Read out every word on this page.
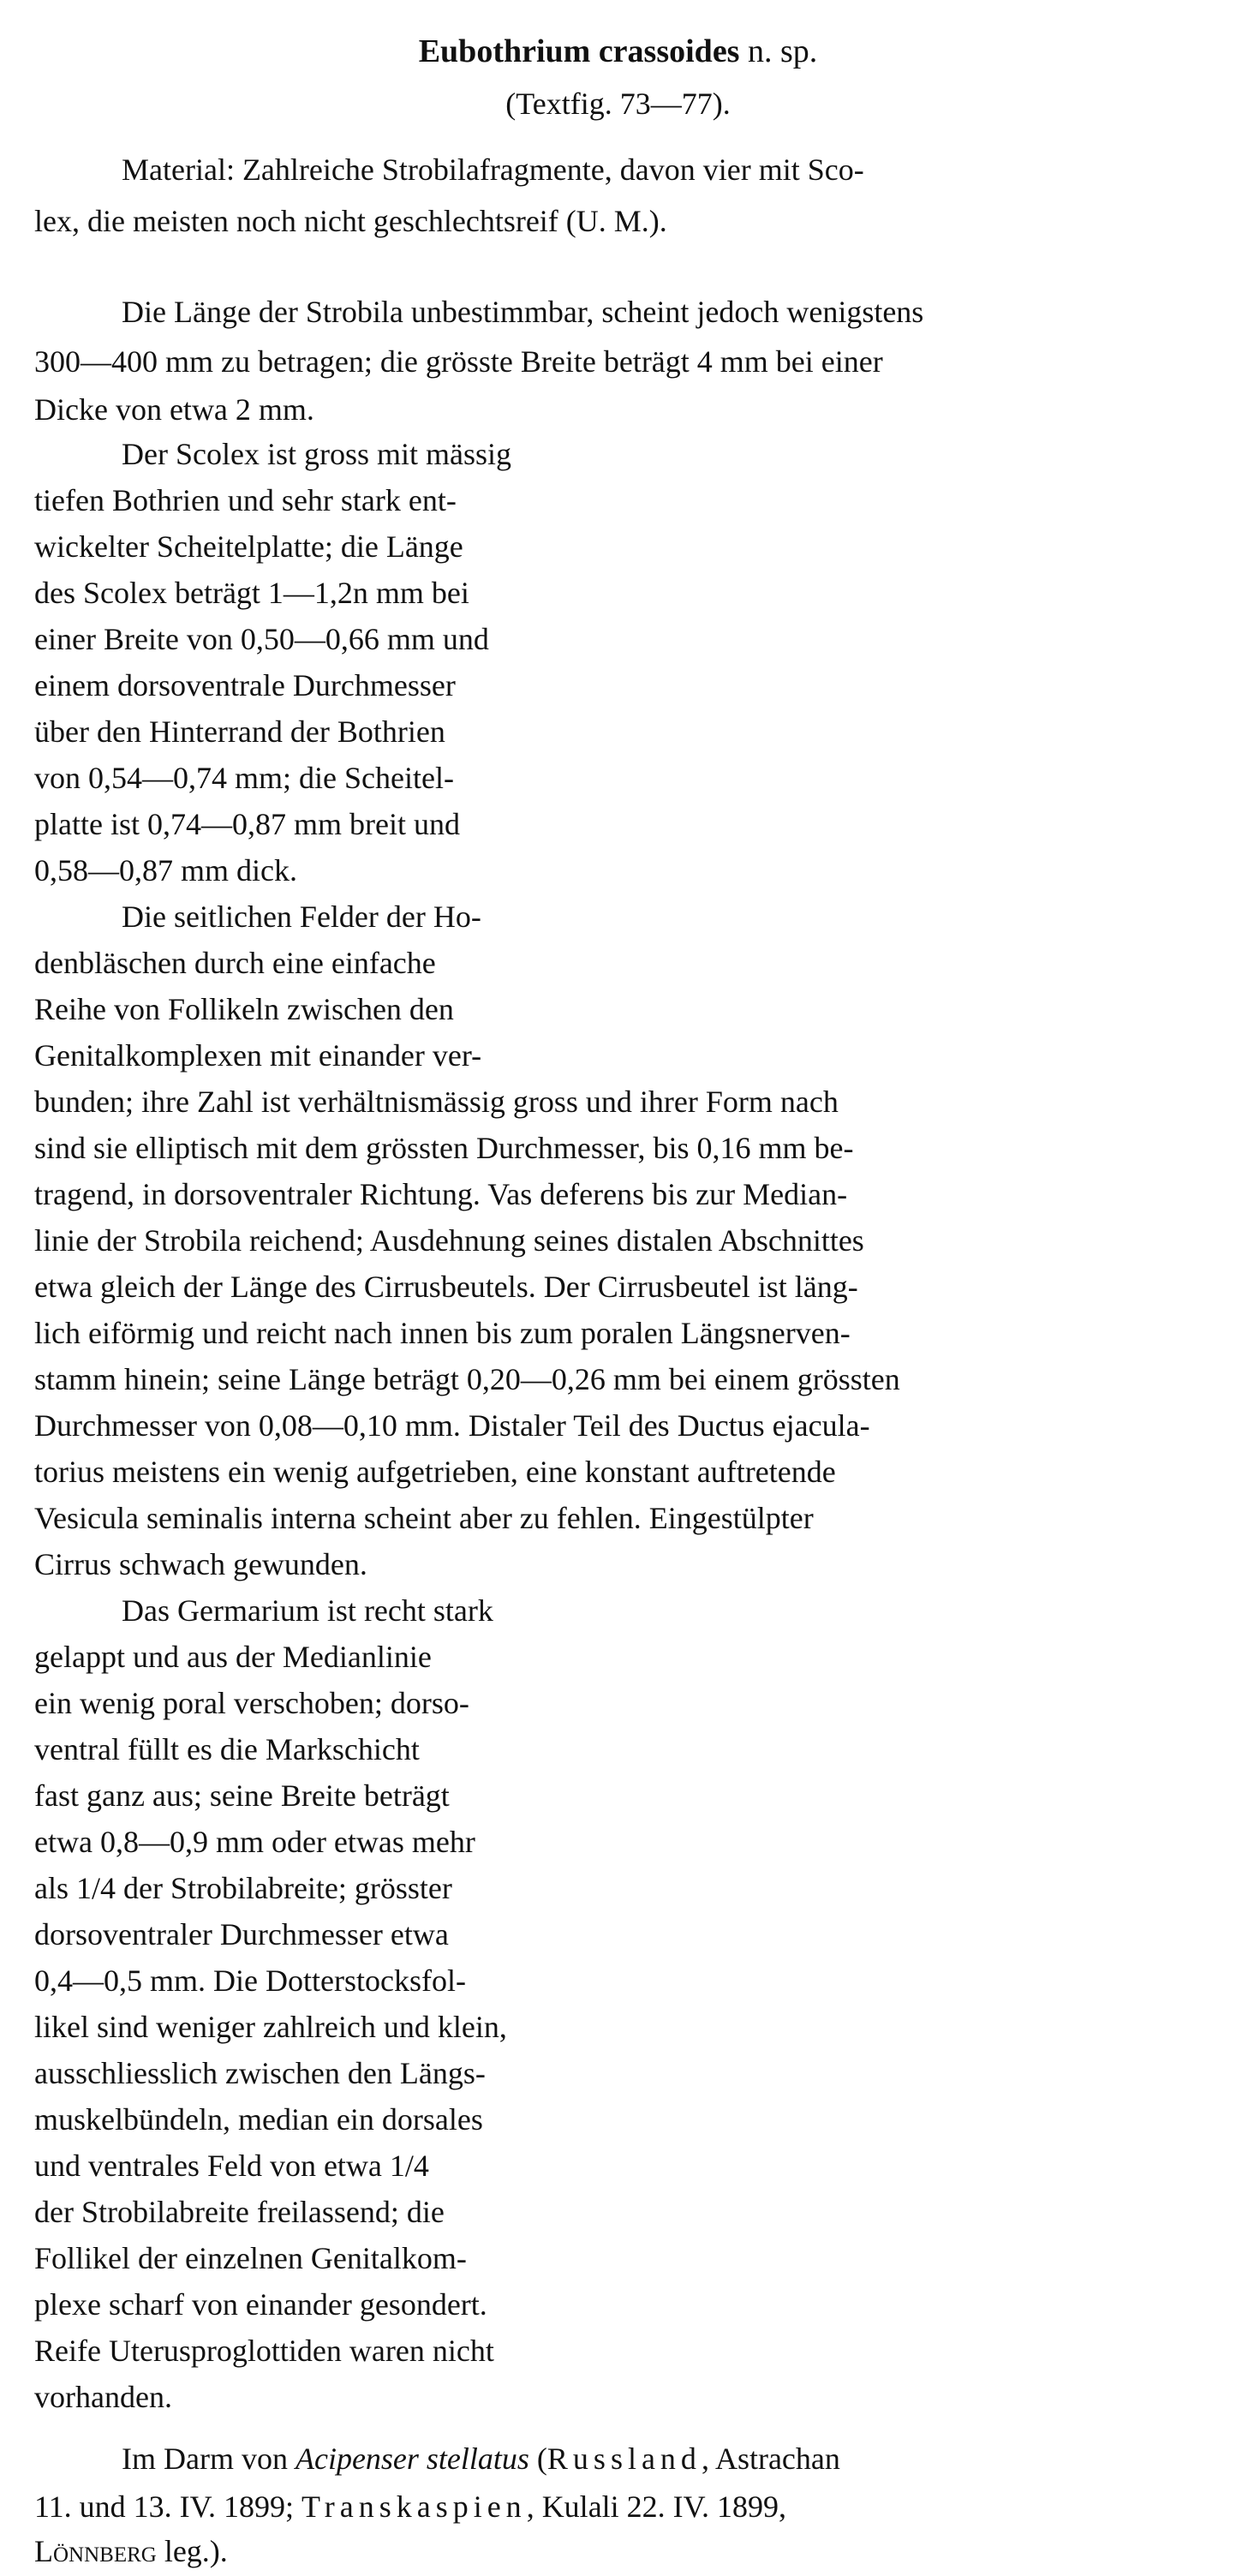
Eubothrium crassoides n. sp.
(Textfig. 73—77).
Material: Zahlreiche Strobilafragmente, davon vier mit Sco-
lex, die meisten noch nicht geschlechtsreif (U. M.).
Die Länge der Strobila unbestimmbar, scheint jedoch wenigstens
300—400 mm zu betragen; die grösste Breite beträgt 4 mm bei einer
Dicke von etwa 2 mm.
Der Scolex ist gross mit mässig
tiefen Bothrien und sehr stark ent-
wickelter Scheitelplatte; die Länge
des Scolex beträgt 1—1,2n mm bei
einer Breite von 0,50—0,66 mm und
einem dorsoventrale Durchmesser
über den Hinterrand der Bothrien
von 0,54—0,74 mm; die Scheitel-
platte ist 0,74—0,87 mm breit und
0,58—0,87 mm dick.
Die seitlichen Felder der Ho-
denbläschen durch eine einfache
Reihe von Follikeln zwischen den
Genitalkomplexen mit einander ver-
bunden; ihre Zahl ist verhältnismässig gross und ihrer Form nach
sind sie elliptisch mit dem grössten Durchmesser, bis 0,16 mm be-
tragend, in dorsoventraler Richtung. Vas deferens bis zur Median-
linie der Strobila reichend; Ausdehnung seines distalen Abschnittes
etwa gleich der Länge des Cirrusbeutels. Der Cirrusbeutel ist läng-
lich eiförmig und reicht nach innen bis zum poralen Längsnerven-
stamm hinein; seine Länge beträgt 0,20—0,26 mm bei einem grössten
Durchmesser von 0,08—0,10 mm. Distaler Teil des Ductus ejacula-
torius meistens ein wenig aufgetrieben, eine konstant auftretende
Vesicula seminalis interna scheint aber zu fehlen. Eingestülpter
Cirrus schwach gewunden.
Das Germarium ist recht stark
gelappt und aus der Medianlinie
ein wenig poral verschoben; dorso-
ventral füllt es die Markschicht
fast ganz aus; seine Breite beträgt
etwa 0,8—0,9 mm oder etwas mehr
als 1/4 der Strobilabreite; grösster
dorsoventraler Durchmesser etwa
0,4—0,5 mm. Die Dotterstocksfol-
likel sind weniger zahlreich und klein,
ausschliesslich zwischen den Längs-
muskelbündeln, median ein dorsales
und ventrales Feld von etwa 1/4
der Strobilabreite freilassend; die
Follikel der einzelnen Genitalkom-
plexe scharf von einander gesondert.
Reife Uterusproglottiden waren nicht
vorhanden.
Im Darm von Acipenser stellatus (Russland, Astrachan
11. und 13. IV. 1899; Transkaspien, Kulali 22. IV. 1899,
Lönnberg leg.).
